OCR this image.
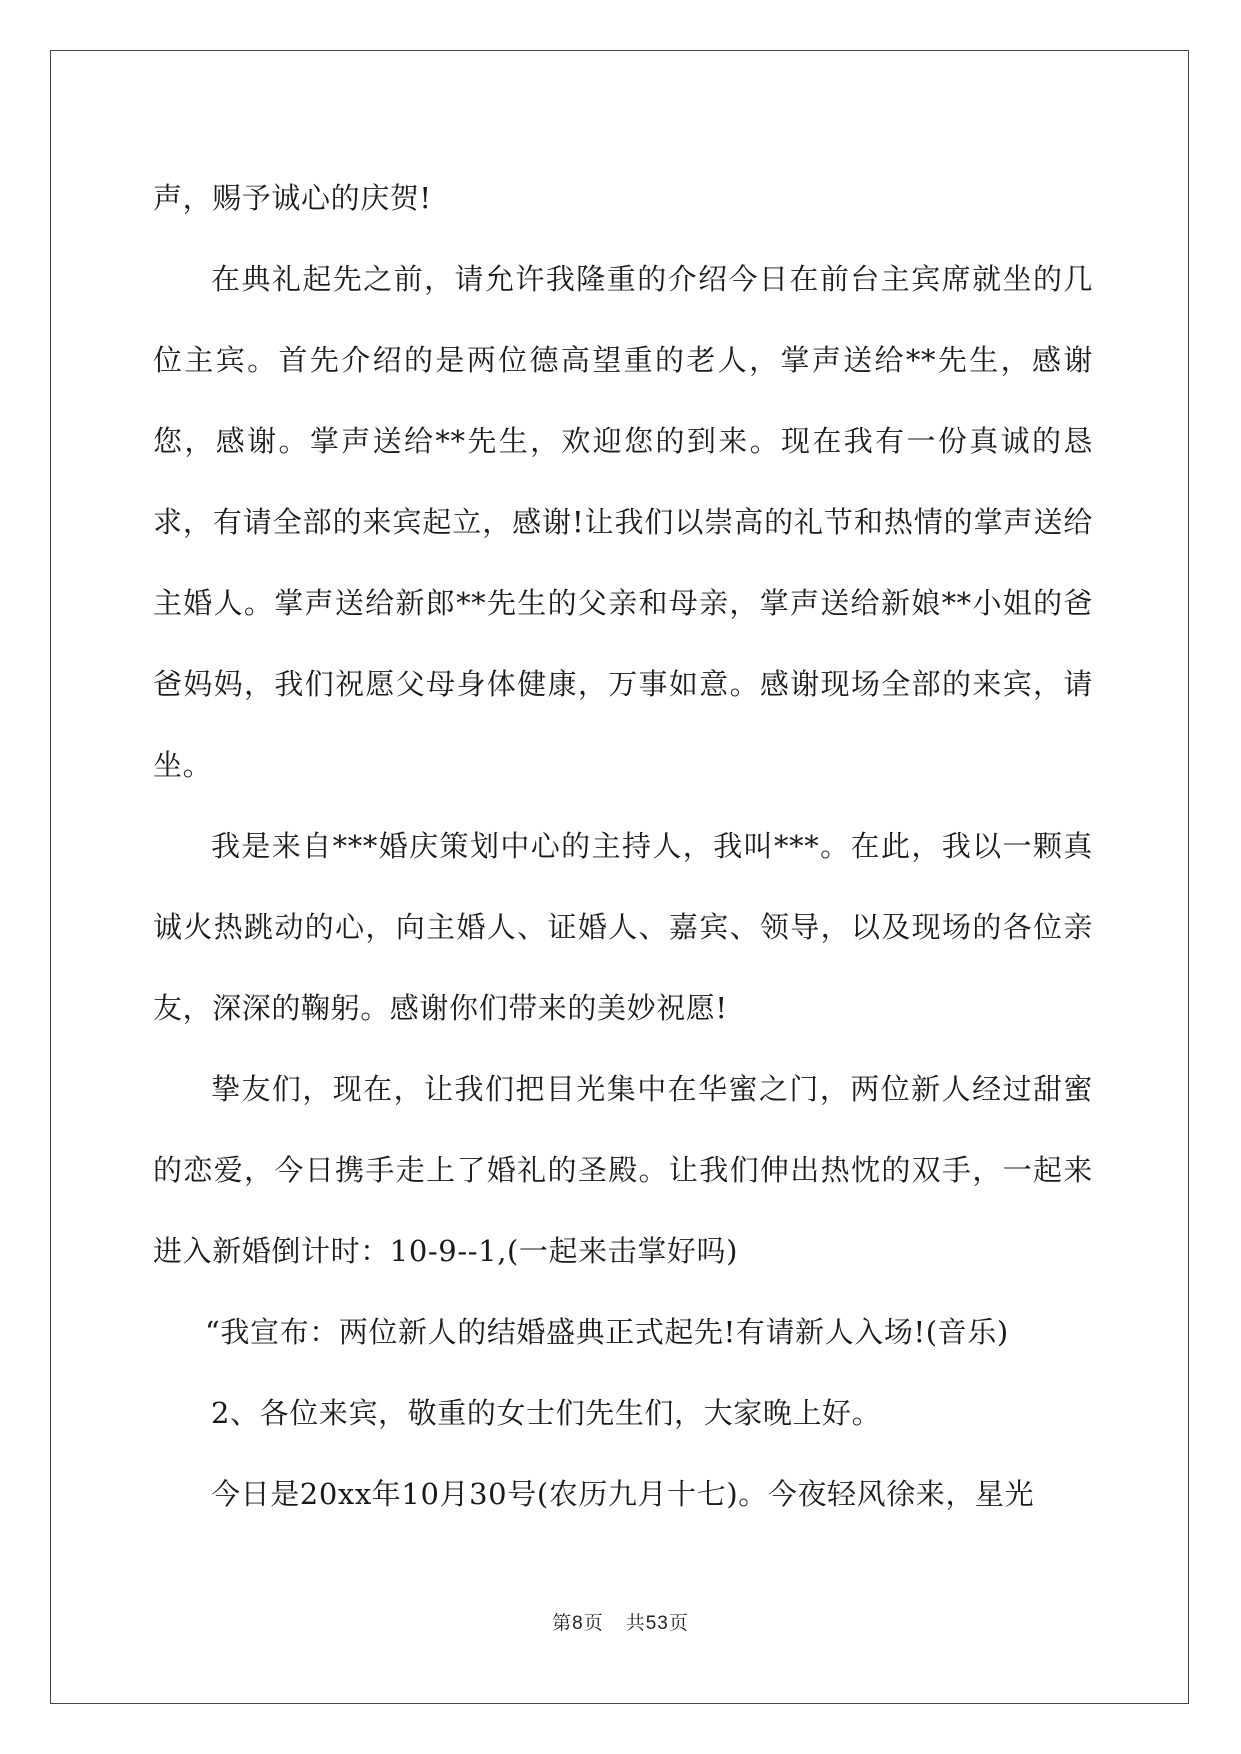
声，赐予诚心的庆贺!

在典礼起先之前，请允许我隆重的介绍今日在前台主宾席就坐的几位主宾。首先介绍的是两位德高望重的老人，掌声送给**先生，感谢您，感谢。掌声送给**先生，欢迎您的到来。现在我有一份真诚的恳求，有请全部的来宾起立，感谢!让我们以崇高的礼节和热情的掌声送给主婚人。掌声送给新郎**先生的父亲和母亲，掌声送给新娘**小姐的爸爸妈妈，我们祝愿父母身体健康，万事如意。感谢现场全部的来宾，请坐。

我是来自***婚庆策划中心的主持人，我叫***。在此，我以一颗真诚火热跳动的心，向主婚人、证婚人、嘉宾、领导，以及现场的各位亲友，深深的鞠躬。感谢你们带来的美妙祝愿!

挚友们，现在，让我们把目光集中在华蜜之门，两位新人经过甜蜜的恋爱，今日携手走上了婚礼的圣殿。让我们伸出热忱的双手，一起来进入新婚倒计时：10-9--1,(一起来击掌好吗)

“我宣布：两位新人的结婚盛典正式起先!有请新人入场!(音乐)

2、各位来宾，敬重的女士们先生们，大家晚上好。

今日是20xx年10月30号(农历九月十七)。今夜轻风徐来，星光

第8页 共53页
